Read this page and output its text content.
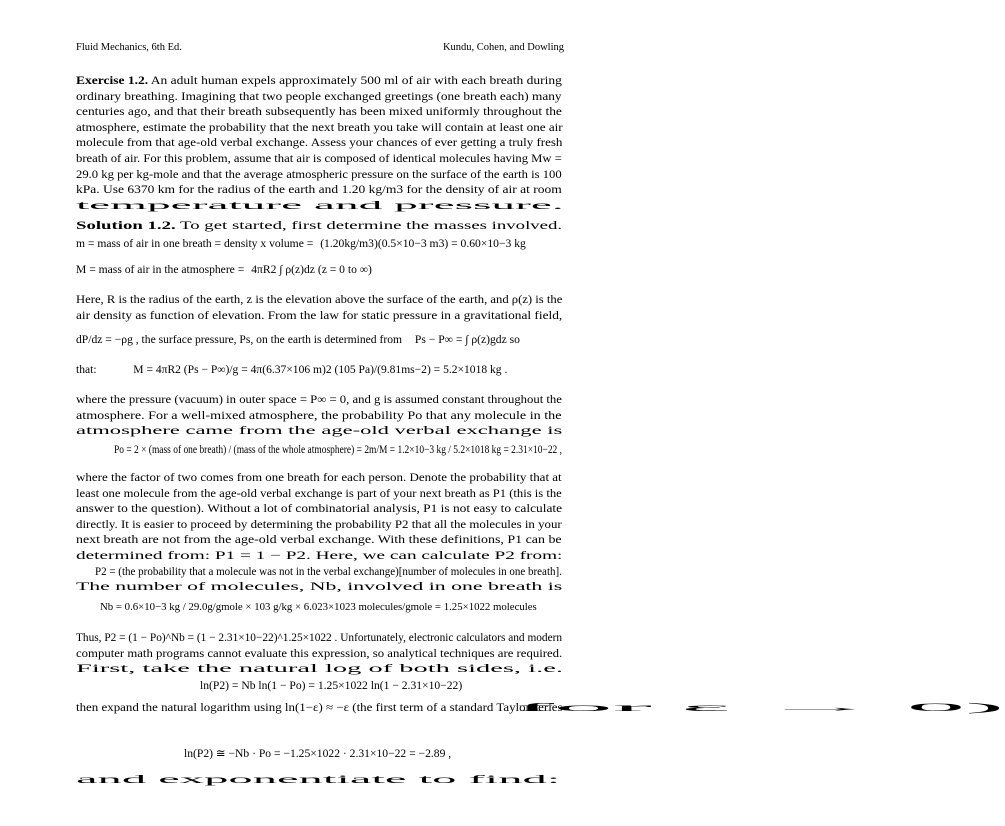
Fluid Mechanics, 6th Ed.	Kundu, Cohen, and Dowling
Exercise 1.2. An adult human expels approximately 500 ml of air with each breath during ordinary breathing. Imagining that two people exchanged greetings (one breath each) many centuries ago, and that their breath subsequently has been mixed uniformly throughout the atmosphere, estimate the probability that the next breath you take will contain at least one air molecule from that age-old verbal exchange. Assess your chances of ever getting a truly fresh breath of air. For this problem, assume that air is composed of identical molecules having Mw = 29.0 kg per kg-mole and that the average atmospheric pressure on the surface of the earth is 100 kPa. Use 6370 km for the radius of the earth and 1.20 kg/m3 for the density of air at room temperature and pressure.
Solution 1.2. To get started, first determine the masses involved.
m = mass of air in one breath = density x volume = (1.20kg/m3)(0.5×10−3 m3) = 0.60×10−3 kg
M = mass of air in the atmosphere = 4πR2 ∫ ρ(z)dz (z = 0 to ∞)
Here, R is the radius of the earth, z is the elevation above the surface of the earth, and ρ(z) is the air density as function of elevation. From the law for static pressure in a gravitational field,
dP/dz = −ρg , the surface pressure, Ps, on the earth is determined from Ps − P∞ = ∫ ρ(z)gdz so
that:	M = 4πR2 (Ps − P∞)/g = 4π(6.37×106 m)2 (105 Pa)/(9.81ms−2) = 5.2×1018 kg .
where the pressure (vacuum) in outer space = P∞ = 0, and g is assumed constant throughout the atmosphere. For a well-mixed atmosphere, the probability Po that any molecule in the atmosphere came from the age-old verbal exchange is
Po = 2 × (mass of one breath) / (mass of the whole atmosphere) = 2m/M = 1.2×10−3 kg / 5.2×1018 kg = 2.31×10−22 ,
where the factor of two comes from one breath for each person. Denote the probability that at least one molecule from the age-old verbal exchange is part of your next breath as P1 (this is the answer to the question). Without a lot of combinatorial analysis, P1 is not easy to calculate directly. It is easier to proceed by determining the probability P2 that all the molecules in your next breath are not from the age-old verbal exchange. With these definitions, P1 can be determined from: P1 = 1 − P2. Here, we can calculate P2 from: P2 = (the probability that a molecule was not in the verbal exchange)[number of molecules in one breath]. The number of molecules, Nb, involved in one breath is
Nb = 0.6×10−3 kg / 29.0g/gmole × 103 g/kg × 6.023×1023 molecules/gmole = 1.25×1022 molecules
Thus, P2 = (1 − Po)^Nb = (1 − 2.31×10−22)^1.25×1022 . Unfortunately, electronic calculators and modern computer math programs cannot evaluate this expression, so analytical techniques are required. First, take the natural log of both sides, i.e.
ln(P2) = Nb ln(1 − Po) = 1.25×1022 ln(1 − 2.31×10−22)
then expand the natural logarithm using ln(1−ε) ≈ −ε (the first term of a standard Taylor series for ε → 0)
ln(P2) ≅ −Nb · Po = −1.25×1022 · 2.31×10−22 = −2.89 ,
and exponentiate to find:
